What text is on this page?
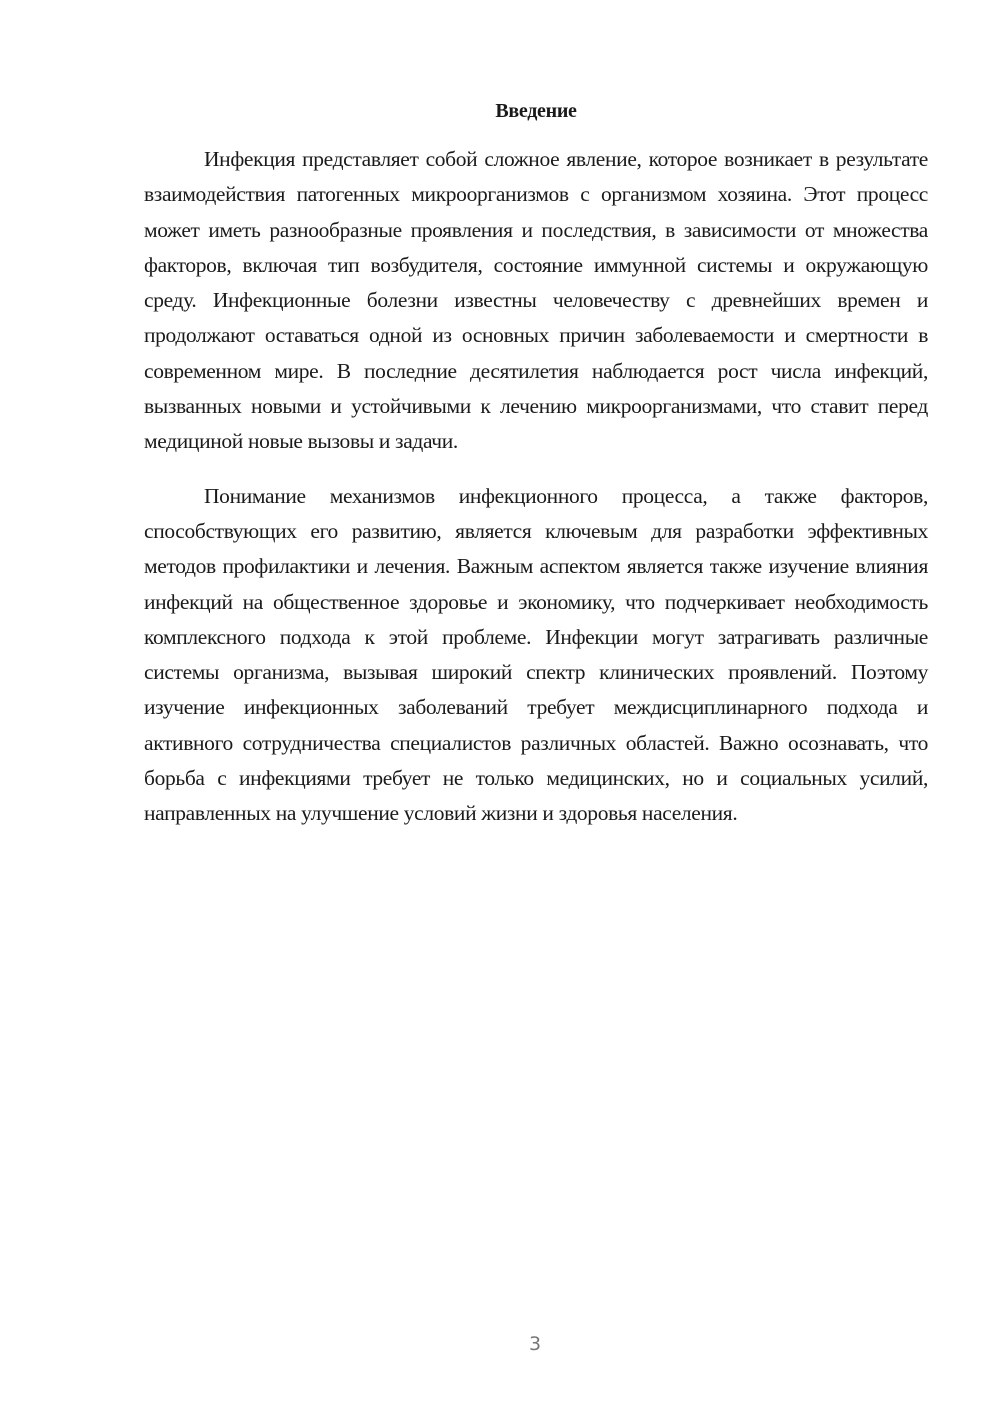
Введение

Инфекция представляет собой сложное явление, которое возникает в результате взаимодействия патогенных микроорганизмов с организмом хозяина. Этот процесс может иметь разнообразные проявления и последствия, в зависимости от множества факторов, включая тип возбудителя, состояние иммунной системы и окружающую среду. Инфекционные болезни известны человечеству с древнейших времен и продолжают оставаться одной из основных причин заболеваемости и смертности в современном мире. В последние десятилетия наблюдается рост числа инфекций, вызванных новыми и устойчивыми к лечению микроорганизмами, что ставит перед медициной новые вызовы и задачи.

Понимание механизмов инфекционного процесса, а также факторов, способствующих его развитию, является ключевым для разработки эффективных методов профилактики и лечения. Важным аспектом является также изучение влияния инфекций на общественное здоровье и экономику, что подчеркивает необходимость комплексного подхода к этой проблеме. Инфекции могут затрагивать различные системы организма, вызывая широкий спектр клинических проявлений. Поэтому изучение инфекционных заболеваний требует междисциплинарного подхода и активного сотрудничества специалистов различных областей. Важно осознавать, что борьба с инфекциями требует не только медицинских, но и социальных усилий, направленных на улучшение условий жизни и здоровья населения.

3
